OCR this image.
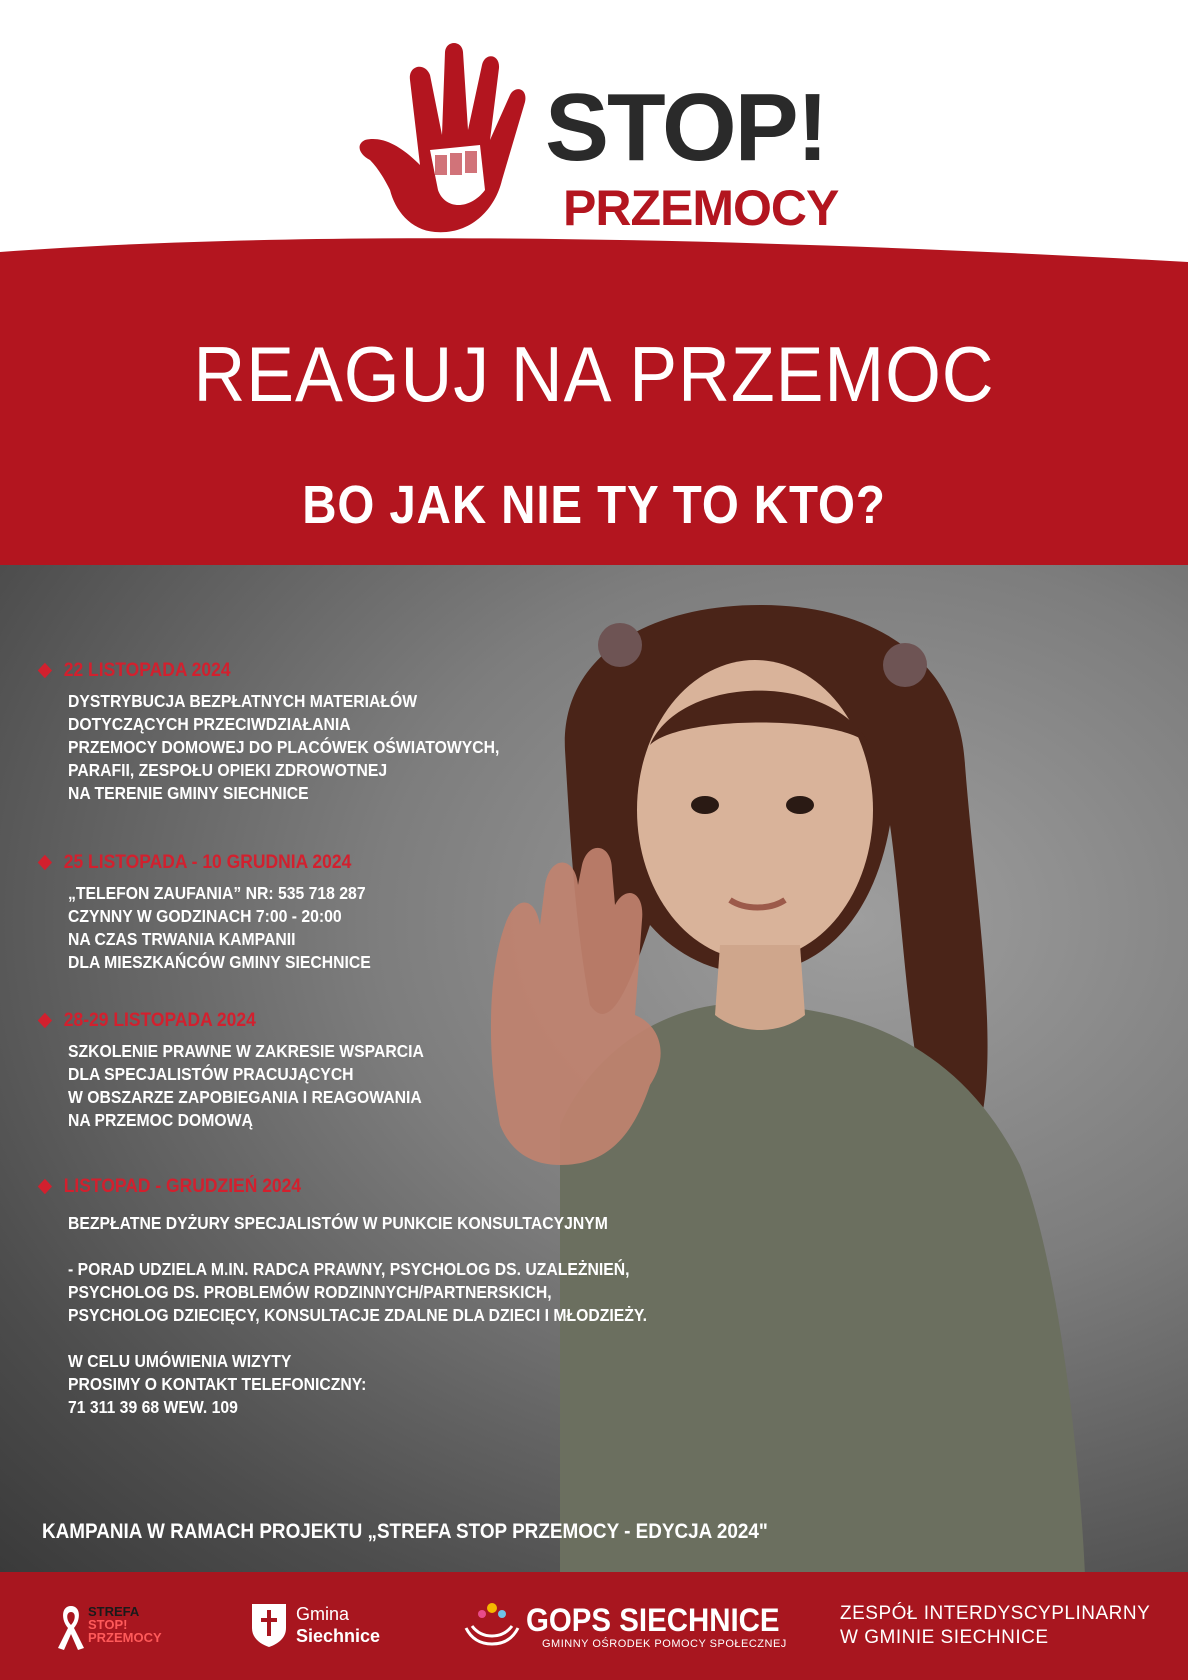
STOP!
PRZEMOCY
REAGUJ NA PRZEMOC
BO JAK NIE TY TO KTO?
22 LISTOPADA 2024
DYSTRYBUCJA BEZPŁATNYCH MATERIAŁÓW
DOTYCZĄCYCH PRZECIWDZIAŁANIA
PRZEMOCY DOMOWEJ DO PLACÓWEK OŚWIATOWYCH,
PARAFII, ZESPOŁU OPIEKI ZDROWOTNEJ
NA TERENIE GMINY SIECHNICE
25 LISTOPADA - 10 GRUDNIA 2024
„TELEFON ZAUFANIA” NR: 535 718 287
CZYNNY W GODZINACH 7:00 - 20:00
NA CZAS TRWANIA KAMPANII
DLA MIESZKAŃCÓW GMINY SIECHNICE
28-29 LISTOPADA 2024
SZKOLENIE PRAWNE W ZAKRESIE WSPARCIA
DLA SPECJALISTÓW PRACUJĄCYCH
W OBSZARZE ZAPOBIEGANIA I REAGOWANIA
NA PRZEMOC DOMOWĄ
LISTOPAD - GRUDZIEŃ 2024
BEZPŁATNE DYŻURY SPECJALISTÓW W PUNKCIE KONSULTACYJNYM
- PORAD UDZIELA M.IN. RADCA PRAWNY, PSYCHOLOG DS. UZALEŻNIEŃ,
PSYCHOLOG DS. PROBLEMÓW RODZINNYCH/PARTNERSKICH,
PSYCHOLOG DZIECIĘCY, KONSULTACJE ZDALNE DLA DZIECI I MŁODZIEŻY.
W CELU UMÓWIENIA WIZYTY
PROSIMY O KONTAKT TELEFONICZNY:
71 311 39 68 WEW. 109
KAMPANIA W RAMACH PROJEKTU „STREFA STOP PRZEMOCY - EDYCJA 2024"
STREFA
STOP!
PRZEMOCY
Gmina
Siechnice	GOPS SIECHNICE
GMINNY OŚRODEK POMOCY SPOŁECZNEJ
ZESPÓŁ INTERDYSCYPLINARNY
W GMINIE SIECHNICE
